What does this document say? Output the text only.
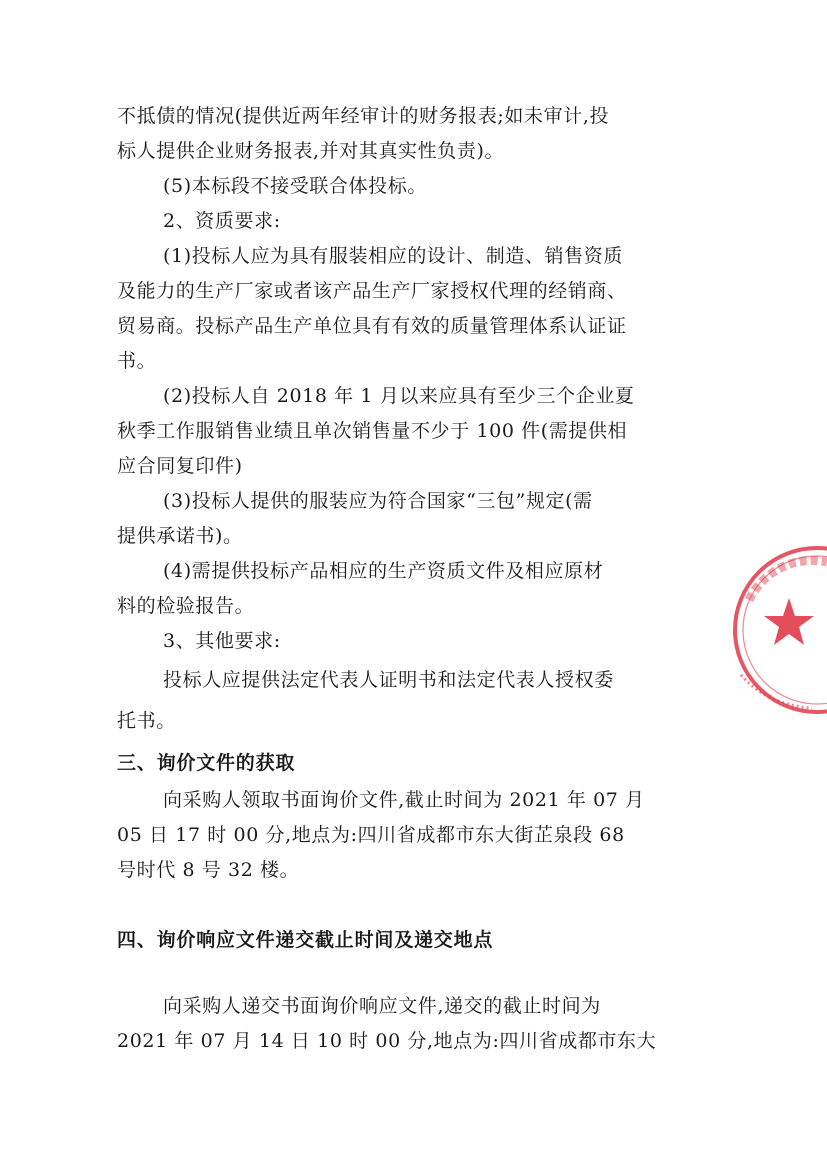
不抵债的情况(提供近两年经审计的财务报表;如未审计,投
标人提供企业财务报表,并对其真实性负责)。
(5)本标段不接受联合体投标。
2、资质要求:
(1)投标人应为具有服装相应的设计、制造、销售资质
及能力的生产厂家或者该产品生产厂家授权代理的经销商、
贸易商。投标产品生产单位具有有效的质量管理体系认证证
书。
(2)投标人自 2018 年 1 月以来应具有至少三个企业夏
秋季工作服销售业绩且单次销售量不少于 100 件(需提供相
应合同复印件)
(3)投标人提供的服装应为符合国家“三包”规定(需
提供承诺书)。
(4)需提供投标产品相应的生产资质文件及相应原材
料的检验报告。
3、其他要求:
投标人应提供法定代表人证明书和法定代表人授权委
托书。
三、询价文件的获取
向采购人领取书面询价文件,截止时间为 2021 年 07 月
05 日 17 时 00 分,地点为:四川省成都市东大街芷泉段 68
号时代 8 号 32 楼。
四、询价响应文件递交截止时间及递交地点
向采购人递交书面询价响应文件,递交的截止时间为
2021 年 07 月 14 日 10 时 00 分,地点为:四川省成都市东大
